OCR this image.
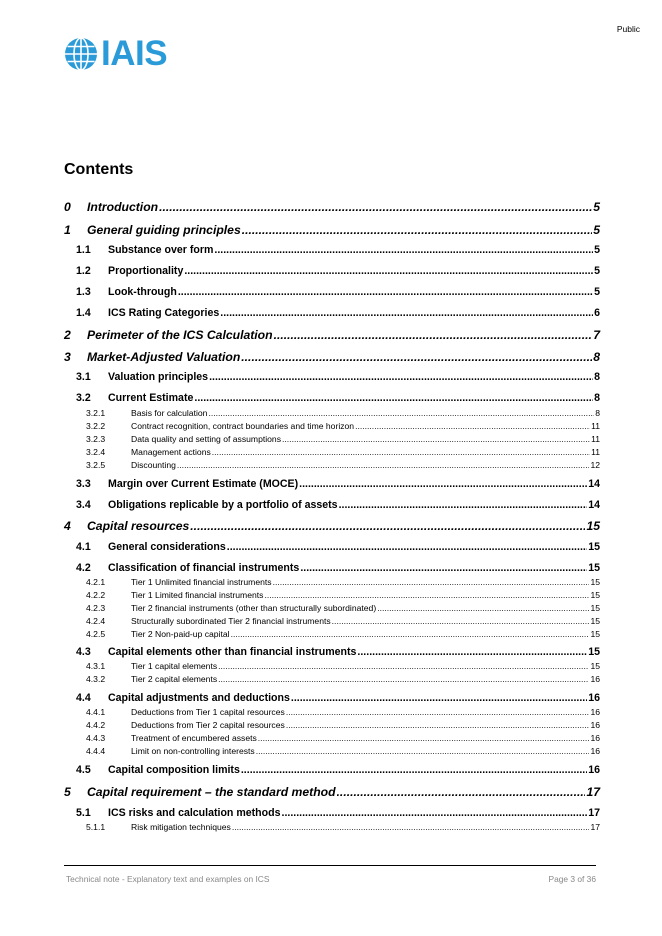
Public
IAIS
Contents
0	Introduction .....	5
1	General guiding principles .....	5
1.1	Substance over form .....	5
1.2	Proportionality .....	5
1.3	Look-through .....	5
1.4	ICS Rating Categories .....	6
2	Perimeter of the ICS Calculation .....	7
3	Market-Adjusted Valuation .....	8
3.1	Valuation principles .....	8
3.2	Current Estimate .....	8
3.2.1	Basis for calculation .....	8
3.2.2	Contract recognition, contract boundaries and time horizon .....	11
3.2.3	Data quality and setting of assumptions .....	11
3.2.4	Management actions .....	11
3.2.5	Discounting .....	12
3.3	Margin over Current Estimate (MOCE) .....	14
3.4	Obligations replicable by a portfolio of assets .....	14
4	Capital resources .....	15
4.1	General considerations .....	15
4.2	Classification of financial instruments .....	15
4.2.1	Tier 1 Unlimited financial instruments .....	15
4.2.2	Tier 1 Limited financial instruments .....	15
4.2.3	Tier 2 financial instruments (other than structurally subordinated) .....	15
4.2.4	Structurally subordinated Tier 2 financial instruments .....	15
4.2.5	Tier 2 Non-paid-up capital .....	15
4.3	Capital elements other than financial instruments .....	15
4.3.1	Tier 1 capital elements .....	15
4.3.2	Tier 2 capital elements .....	16
4.4	Capital adjustments and deductions .....	16
4.4.1	Deductions from Tier 1 capital resources .....	16
4.4.2	Deductions from Tier 2 capital resources .....	16
4.4.3	Treatment of encumbered assets .....	16
4.4.4	Limit on non-controlling interests .....	16
4.5	Capital composition limits .....	16
5	Capital requirement – the standard method .....	17
5.1	ICS risks and calculation methods .....	17
5.1.1	Risk mitigation techniques .....	17
Technical note - Explanatory text and examples on ICS	Page 3 of 36
